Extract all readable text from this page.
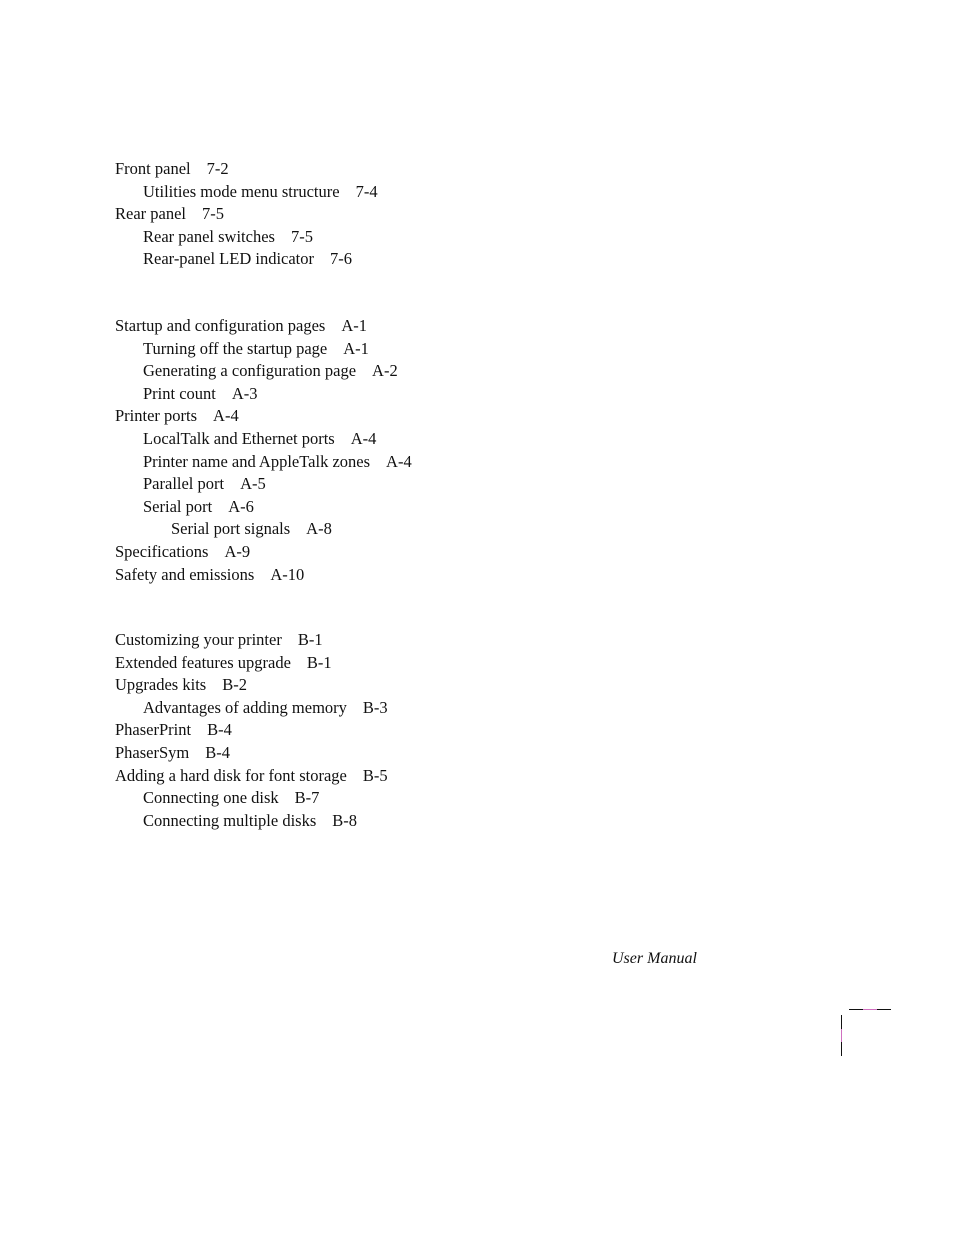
Front panel 7-2
Utilities mode menu structure 7-4
Rear panel 7-5
Rear panel switches 7-5
Rear-panel LED indicator 7-6
Startup and configuration pages A-1
Turning off the startup page A-1
Generating a configuration page A-2
Print count A-3
Printer ports A-4
LocalTalk and Ethernet ports A-4
Printer name and AppleTalk zones A-4
Parallel port A-5
Serial port A-6
Serial port signals A-8
Specifications A-9
Safety and emissions A-10
Customizing your printer B-1
Extended features upgrade B-1
Upgrades kits B-2
Advantages of adding memory B-3
PhaserPrint B-4
PhaserSym B-4
Adding a hard disk for font storage B-5
Connecting one disk B-7
Connecting multiple disks B-8
User Manual
